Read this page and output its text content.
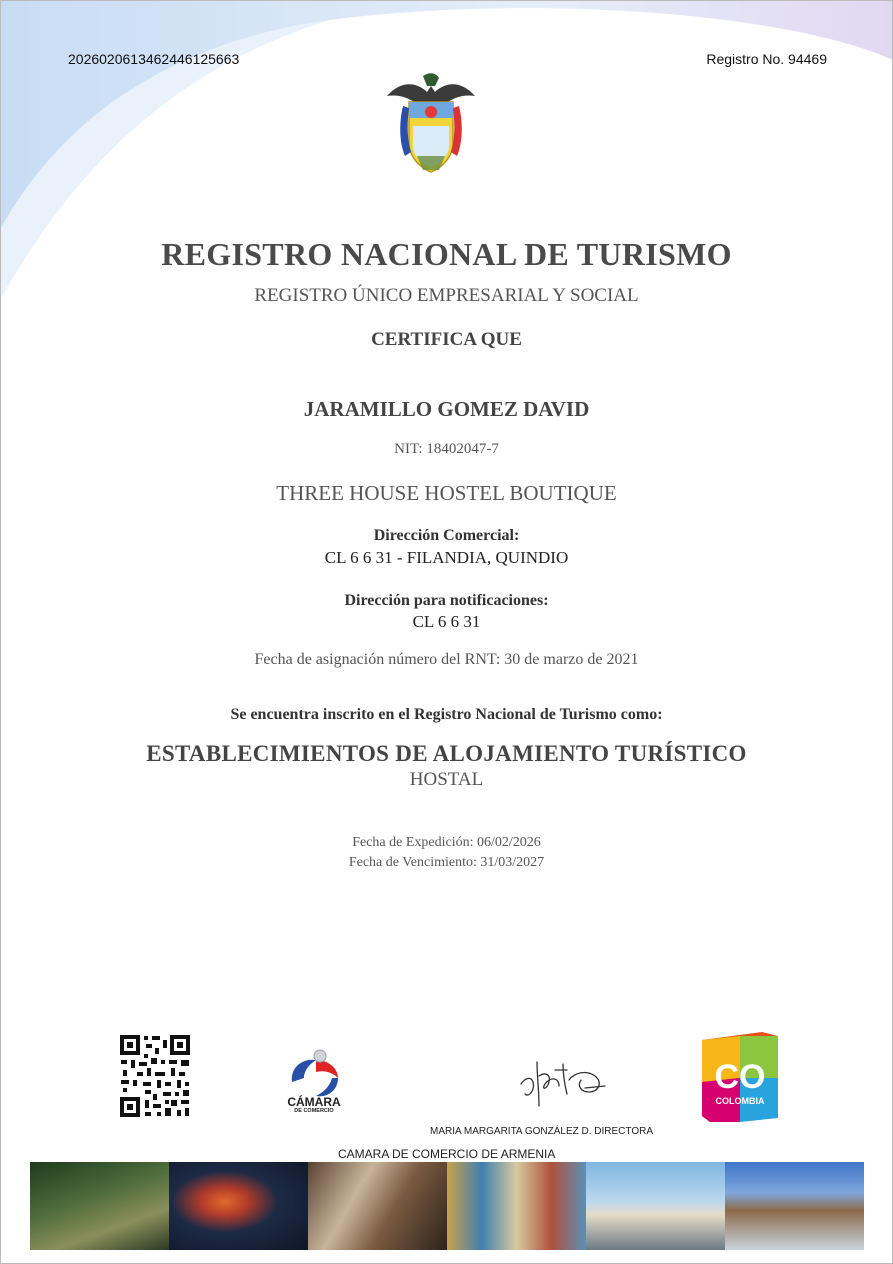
20260206134624461256​63	Registro No. 94469
REGISTRO NACIONAL DE TURISMO
REGISTRO ÚNICO EMPRESARIAL Y SOCIAL
CERTIFICA QUE
JARAMILLO GOMEZ DAVID
NIT: 18402047-7
THREE HOUSE HOSTEL BOUTIQUE
Dirección Comercial:
CL 6 6 31 - FILANDIA, QUINDIO
Dirección para notificaciones:
CL 6 6 31
Fecha de asignación número del RNT: 30 de marzo de 2021
Se encuentra inscrito en el Registro Nacional de Turismo como:
ESTABLECIMIENTOS DE ALOJAMIENTO TURÍSTICO
HOSTAL
Fecha de Expedición: 06/02/2026
Fecha de Vencimiento: 31/03/2027
CÁMARA
DE COMERCIO
MARIA MARGARITA GONZÁLEZ D. DIRECTORA
CAMARA DE COMERCIO DE ARMENIA
CO
COLOMBIA
